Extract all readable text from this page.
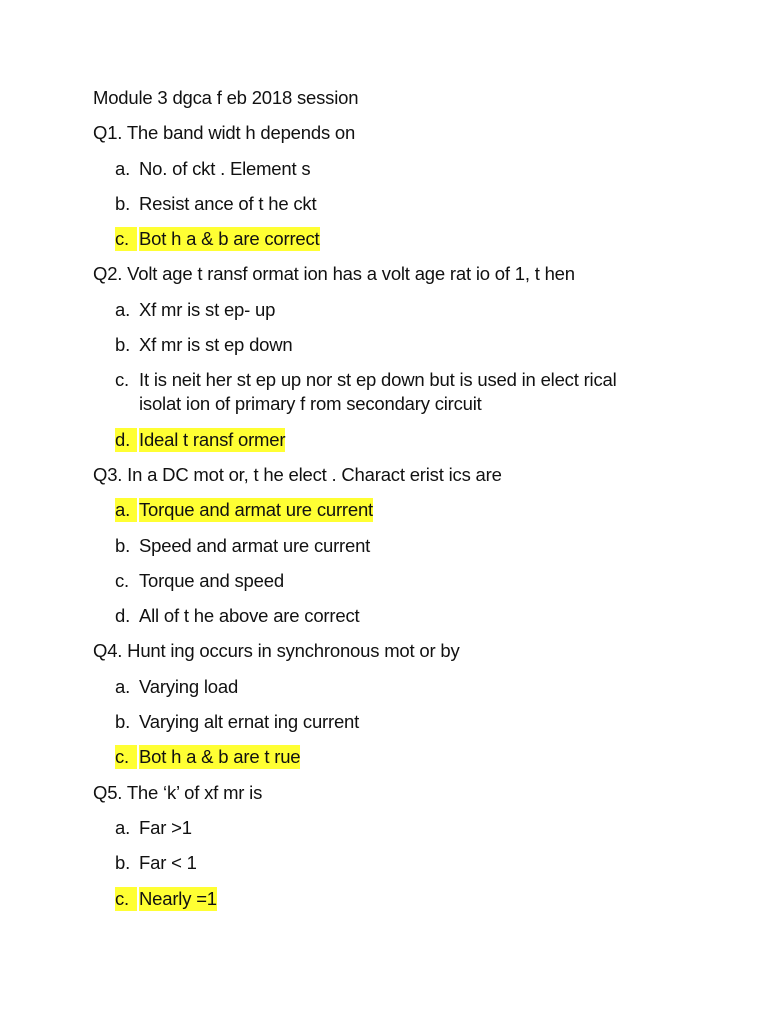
Module 3 dgca f eb 2018 session
Q1. The band widt h depends on
a. No. of ckt . Element s
b. Resist ance of t he ckt
c. Bot h a & b are correct
Q2. Volt age t ransf ormat ion has a volt age rat io of 1, t hen
a. Xf mr is st ep- up
b. Xf mr is st ep down
c. It is neit her st ep up nor st ep down but is used in elect rical isolat ion of primary f rom secondary circuit
d. Ideal t ransf ormer
Q3. In a DC mot or, t he elect . Charact erist ics are
a. Torque and armat ure current
b. Speed and armat ure current
c. Torque and speed
d. All of t he above are correct
Q4. Hunt ing occurs in synchronous mot or by
a. Varying load
b. Varying alt ernat ing current
c. Bot h a & b are t rue
Q5. The ‘k’ of xf mr is
a. Far >1
b. Far < 1
c. Nearly =1
